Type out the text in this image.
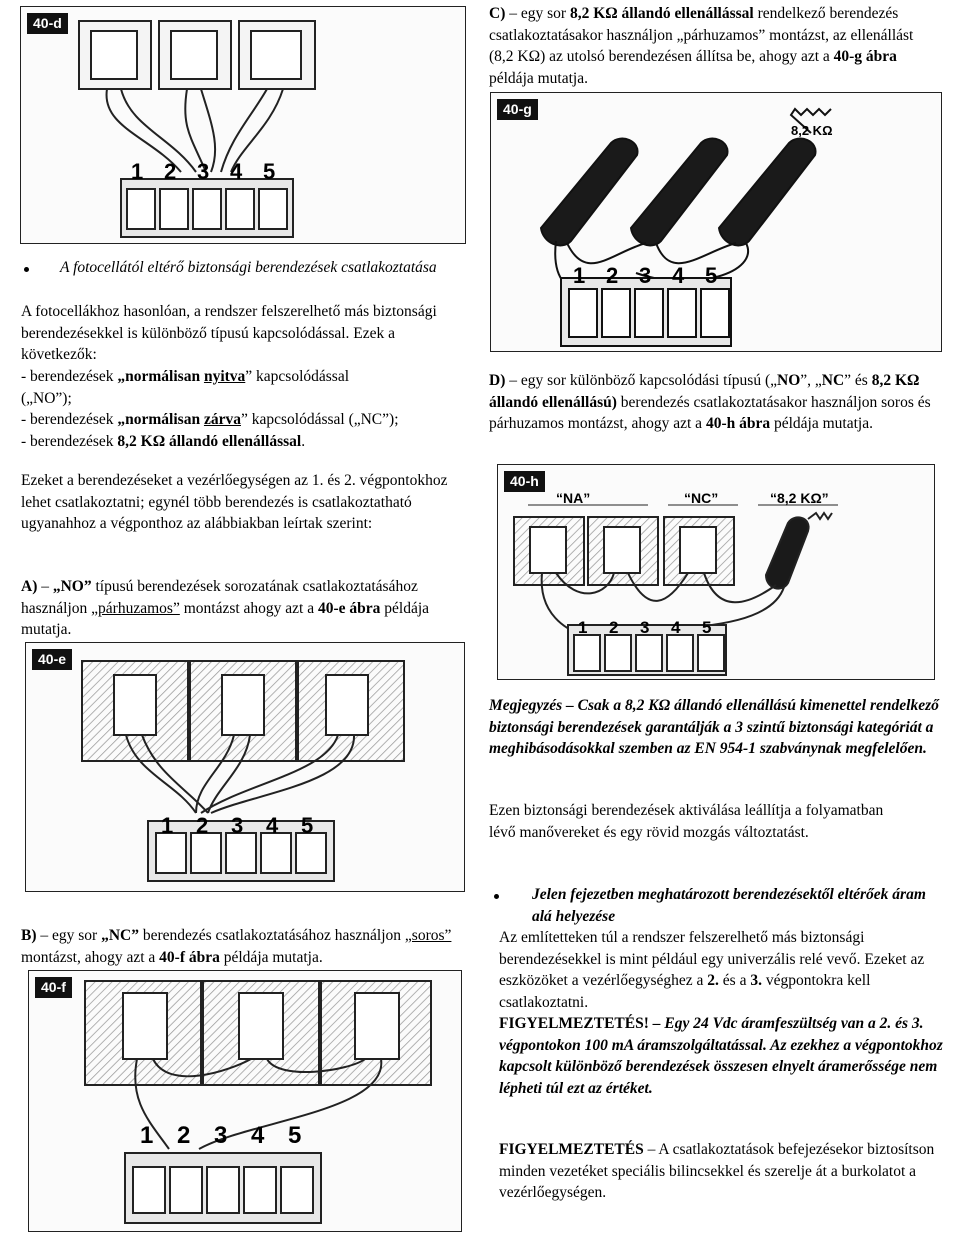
40-d
1 2 3 4 5

A fotocellától eltérő biztonsági berendezések csatlakoztatása

A fotocellákhoz hasonlóan, a rendszer felszerelhető más biztonsági berendezésekkel is különböző típusú kapcsolódással. Ezek a következők:

- berendezések „normálisan nyitva” kapcsolódással

(„NO”);

- berendezések „normálisan zárva” kapcsolódással („NC”);

- berendezések 8,2 KΩ állandó ellenállással.

Ezeket a berendezéseket a vezérlőegységen az 1. és 2. végpontokhoz lehet csatlakoztatni; egynél több berendezés is csatlakoztatható ugyanahhoz a végponthoz az alábbiakban leírtak szerint:

A) – „NO” típusú berendezések sorozatának csatlakoztatásához használjon „párhuzamos” montázst ahogy azt a 40-e ábra példája mutatja.

40-e
1 2 3 4 5

B) – egy sor „NC” berendezés csatlakoztatásához használjon „soros” montázst, ahogy azt a 40-f ábra példája mutatja.

40-f
1 2 3 4 5

C) – egy sor 8,2 KΩ állandó ellenállással rendelkező berendezés csatlakoztatásakor használjon „párhuzamos” montázst, az ellenállást (8,2 KΩ) az utolsó berendezésen állítsa be, ahogy azt a 40-g ábra példája mutatja.

40-g
8,2 KΩ
1 2 3 4 5

D) – egy sor különböző kapcsolódási típusú („NO”, „NC” és 8,2 KΩ állandó ellenállású) berendezés csatlakoztatásakor használjon soros és párhuzamos montázst, ahogy azt a 40-h ábra példája mutatja.

40-h
“NA”	“NC”	“8,2 KΩ”
1 2 3 4 5

Megjegyzés – Csak a 8,2 KΩ állandó ellenállású kimenettel rendelkező biztonsági berendezések garantálják a 3 szintű biztonsági kategóriát a meghibásodásokkal szemben az EN 954-1 szabványnak megfelelően.

Ezen biztonsági berendezések aktiválása leállítja a folyamatban lévő manővereket és egy rövid mozgás változtatást.

Jelen fejezetben meghatározott berendezésektől eltérőek áram alá helyezése

Az említetteken túl a rendszer felszerelhető más biztonsági berendezésekkel is mint például egy univerzális relé vevő. Ezeket az eszközöket a vezérlőegységhez a 2. és a 3. végpontokra kell csatlakoztatni.

FIGYELMEZTETÉS! – Egy 24 Vdc áramfeszültség van a 2. és 3. végpontokon 100 mA áramszolgáltatással. Az ezekhez a végpontokhoz kapcsolt különböző berendezések összesen elnyelt áramerőssége nem lépheti túl ezt az értéket.

FIGYELMEZTETÉS – A csatlakoztatások befejezésekor biztosítson minden vezetéket speciális bilincsekkel és szerelje át a burkolatot a vezérlőegységen.
